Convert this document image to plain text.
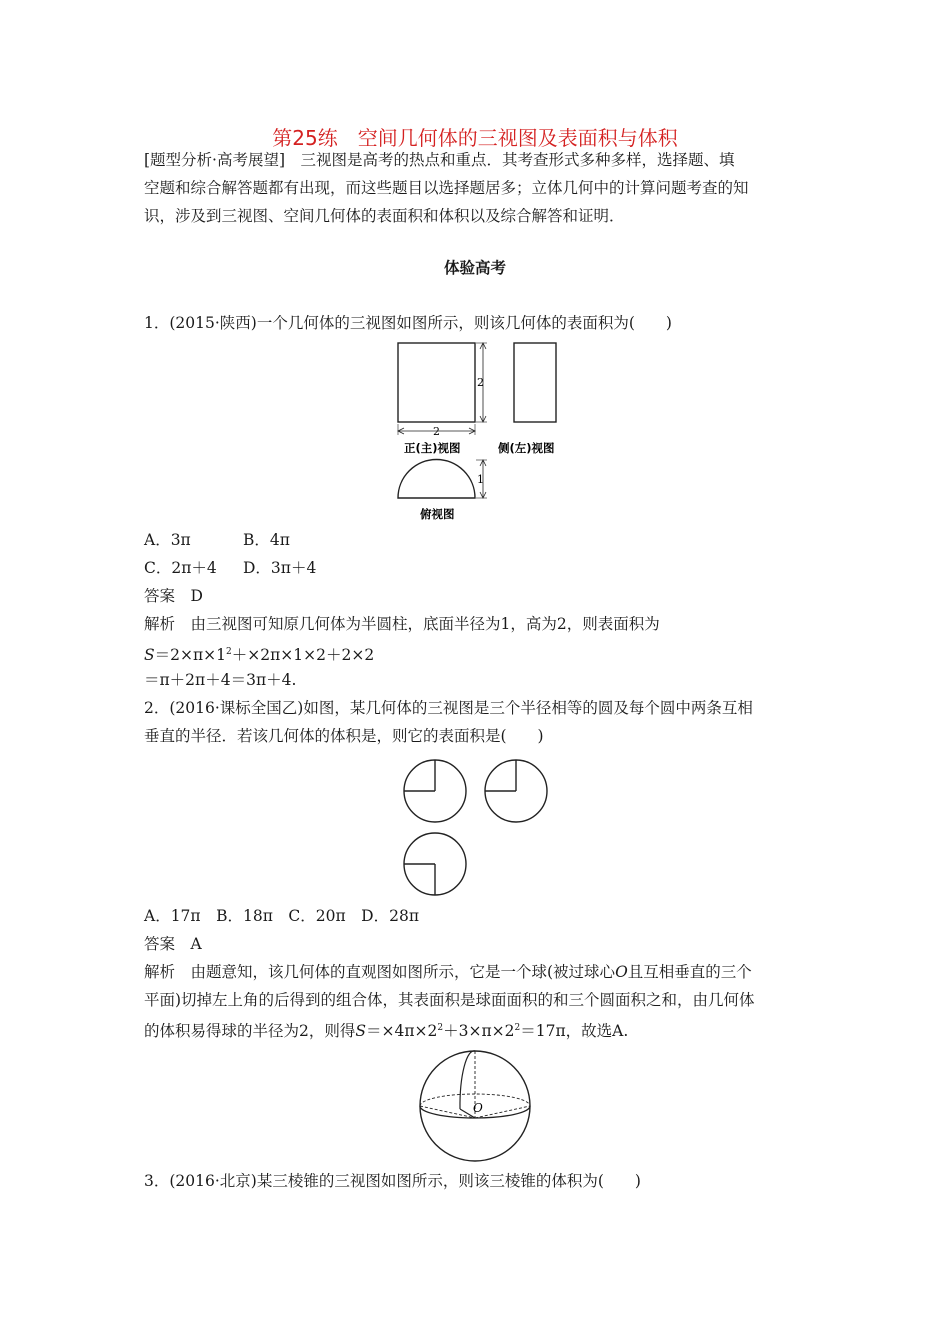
第25练　空间几何体的三视图及表面积与体积
[题型分析·高考展望]　三视图是高考的热点和重点．其考查形式多种多样，选择题、填
空题和综合解答题都有出现，而这些题目以选择题居多；立体几何中的计算问题考查的知
识，涉及到三视图、空间几何体的表面积和体积以及综合解答和证明．
体验高考
1．(2015·陕西)一个几何体的三视图如图所示，则该几何体的表面积为(　　)
2
2
正(主)视图	侧(左)视图
1
俯视图
A．3π	B．4π
C．2π＋4 D．3π＋4
答案　D
解析　由三视图可知原几何体为半圆柱，底面半径为1，高为2，则表面积为
$S=2\times\pi\times 1^2+\times 2\pi\times 1\times 2+2\times 2$
＝π＋2π＋4＝3π＋4.
2．(2016·课标全国乙)如图，某几何体的三视图是三个半径相等的圆及每个圆中两条互相
垂直的半径．若该几何体的体积是，则它的表面积是(　　)
A．17π　B．18π　C．20π　D．28π
答案　A
解析　由题意知，该几何体的直观图如图所示，它是一个球(被过球心O且互相垂直的三个
平面)切掉左上角的后得到的组合体，其表面积是球面面积的和三个圆面积之和，由几何体
的体积易得球的半径为2，则得$S=\times 4\pi\times 2^2+3\times\pi\times 2^2=17\pi$，故选A.
O
3．(2016·北京)某三棱锥的三视图如图所示，则该三棱锥的体积为(　　)
